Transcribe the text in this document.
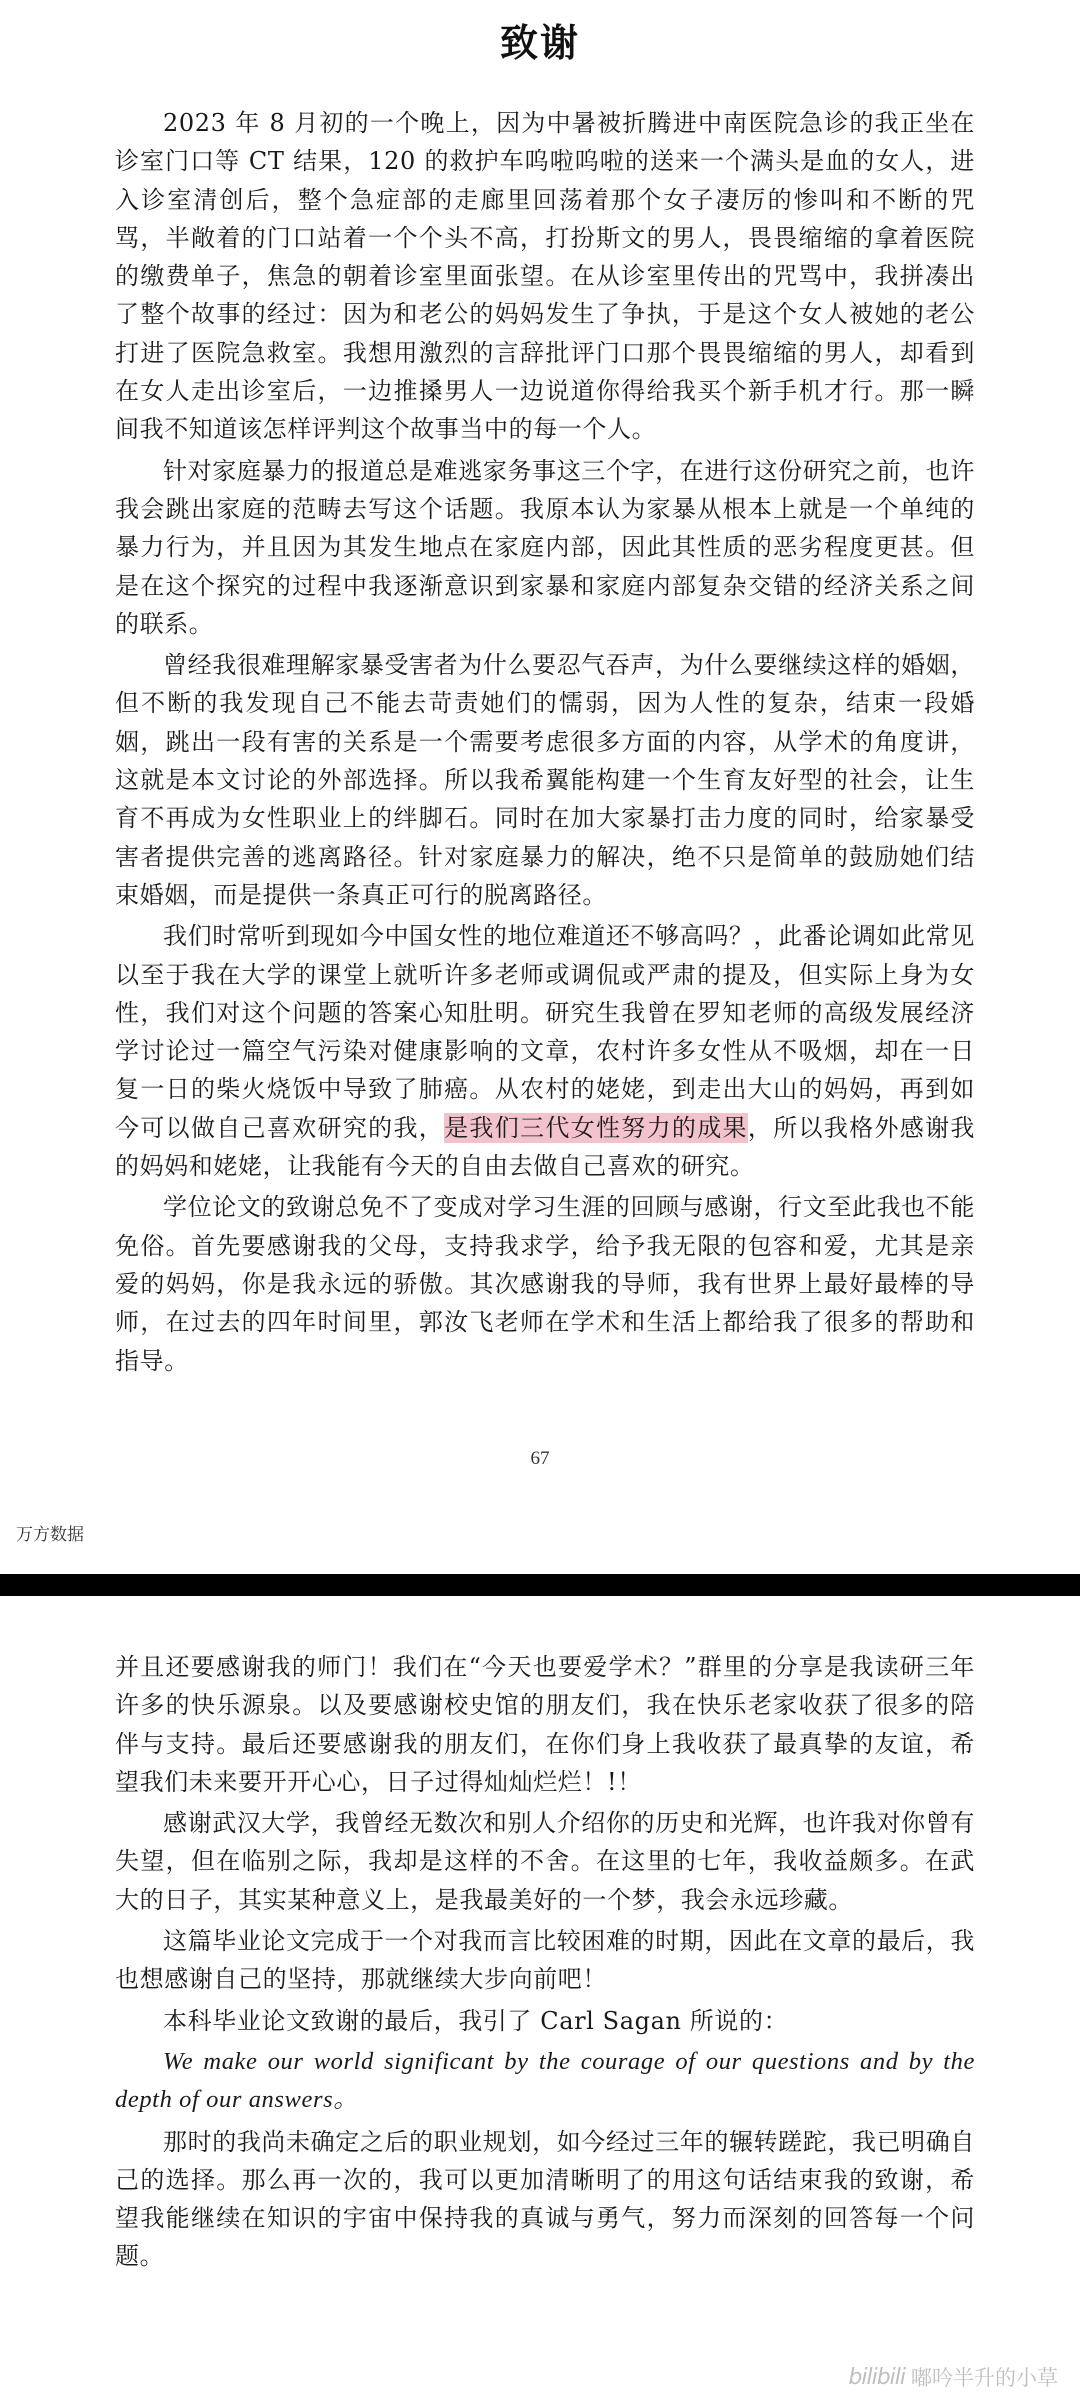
致谢

2023 年 8 月初的一个晚上，因为中暑被折腾进中南医院急诊的我正坐在诊室门口等 CT 结果，120 的救护车呜啦呜啦的送来一个满头是血的女人，进入诊室清创后，整个急症部的走廊里回荡着那个女子凄厉的惨叫和不断的咒骂，半敞着的门口站着一个个头不高，打扮斯文的男人，畏畏缩缩的拿着医院的缴费单子，焦急的朝着诊室里面张望。在从诊室里传出的咒骂中，我拼凑出了整个故事的经过：因为和老公的妈妈发生了争执，于是这个女人被她的老公打进了医院急救室。我想用激烈的言辞批评门口那个畏畏缩缩的男人，却看到在女人走出诊室后，一边推搡男人一边说道你得给我买个新手机才行。那一瞬间我不知道该怎样评判这个故事当中的每一个人。

针对家庭暴力的报道总是难逃家务事这三个字，在进行这份研究之前，也许我会跳出家庭的范畴去写这个话题。我原本认为家暴从根本上就是一个单纯的暴力行为，并且因为其发生地点在家庭内部，因此其性质的恶劣程度更甚。但是在这个探究的过程中我逐渐意识到家暴和家庭内部复杂交错的经济关系之间的联系。

曾经我很难理解家暴受害者为什么要忍气吞声，为什么要继续这样的婚姻，但不断的我发现自己不能去苛责她们的懦弱，因为人性的复杂，结束一段婚姻，跳出一段有害的关系是一个需要考虑很多方面的内容，从学术的角度讲，这就是本文讨论的外部选择。所以我希翼能构建一个生育友好型的社会，让生育不再成为女性职业上的绊脚石。同时在加大家暴打击力度的同时，给家暴受害者提供完善的逃离路径。针对家庭暴力的解决，绝不只是简单的鼓励她们结束婚姻，而是提供一条真正可行的脱离路径。

我们时常听到现如今中国女性的地位难道还不够高吗？，此番论调如此常见以至于我在大学的课堂上就听许多老师或调侃或严肃的提及，但实际上身为女性，我们对这个问题的答案心知肚明。研究生我曾在罗知老师的高级发展经济学讨论过一篇空气污染对健康影响的文章，农村许多女性从不吸烟，却在一日复一日的柴火烧饭中导致了肺癌。从农村的姥姥，到走出大山的妈妈，再到如今可以做自己喜欢研究的我，是我们三代女性努力的成果，所以我格外感谢我的妈妈和姥姥，让我能有今天的自由去做自己喜欢的研究。

学位论文的致谢总免不了变成对学习生涯的回顾与感谢，行文至此我也不能免俗。首先要感谢我的父母，支持我求学，给予我无限的包容和爱，尤其是亲爱的妈妈，你是我永远的骄傲。其次感谢我的导师，我有世界上最好最棒的导师，在过去的四年时间里，郭汝飞老师在学术和生活上都给我了很多的帮助和指导。

67
万方数据

并且还要感谢我的师门！我们在“今天也要爱学术？”群里的分享是我读研三年许多的快乐源泉。以及要感谢校史馆的朋友们，我在快乐老家收获了很多的陪伴与支持。最后还要感谢我的朋友们，在你们身上我收获了最真挚的友谊，希望我们未来要开开心心，日子过得灿灿烂烂！!！

感谢武汉大学，我曾经无数次和别人介绍你的历史和光辉，也许我对你曾有失望，但在临别之际，我却是这样的不舍。在这里的七年，我收益颇多。在武大的日子，其实某种意义上，是我最美好的一个梦，我会永远珍藏。

这篇毕业论文完成于一个对我而言比较困难的时期，因此在文章的最后，我也想感谢自己的坚持，那就继续大步向前吧！

本科毕业论文致谢的最后，我引了 Carl Sagan 所说的：

We make our world significant by the courage of our questions and by the depth of our answers。

那时的我尚未确定之后的职业规划，如今经过三年的辗转蹉跎，我已明确自己的选择。那么再一次的，我可以更加清晰明了的用这句话结束我的致谢，希望我能继续在知识的宇宙中保持我的真诚与勇气，努力而深刻的回答每一个问题。

bilibili 嘟吟半升的小草
